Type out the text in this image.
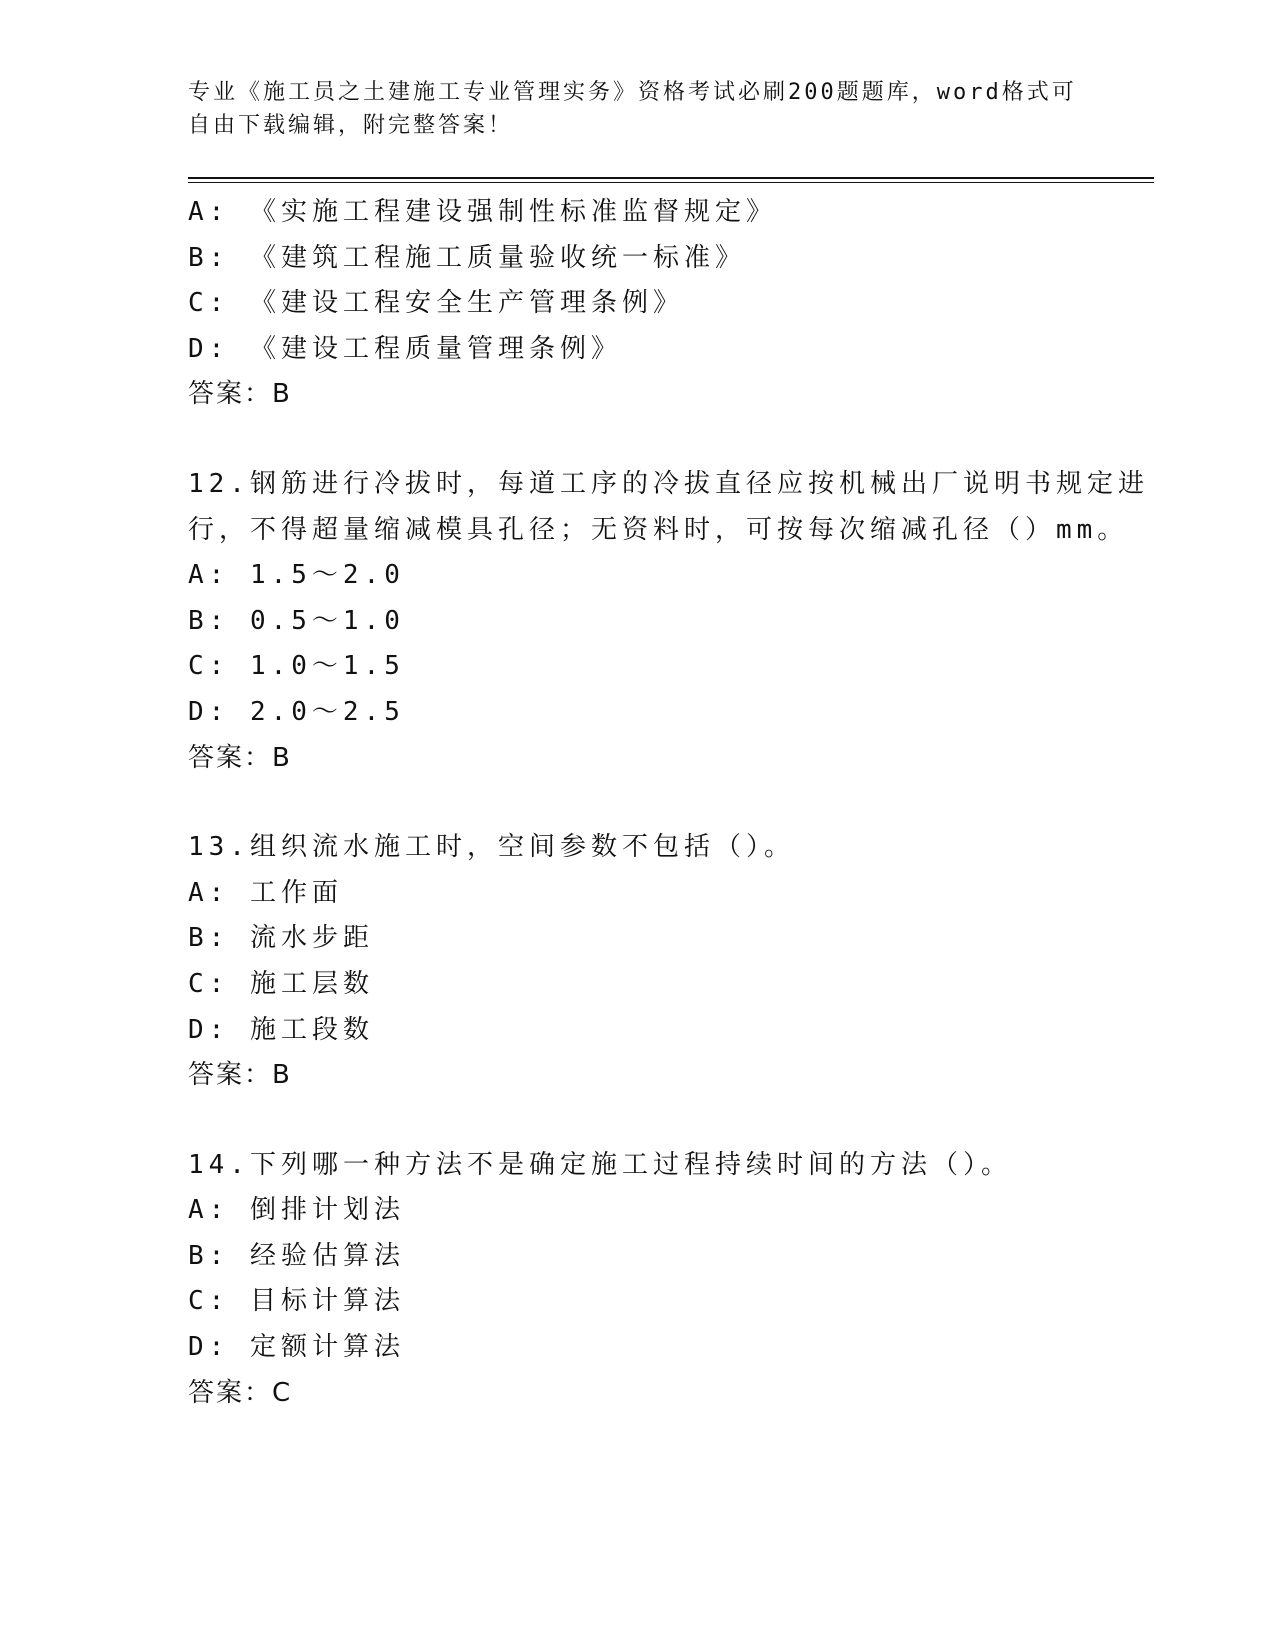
专业《施工员之土建施工专业管理实务》资格考试必刷200题题库，word格式可
自由下载编辑，附完整答案！
A: 《实施工程建设强制性标准监督规定》
B: 《建筑工程施工质量验收统一标准》
C: 《建设工程安全生产管理条例》
D: 《建设工程质量管理条例》
答案：B
12.钢筋进行冷拔时，每道工序的冷拔直径应按机械出厂说明书规定进
行，不得超量缩减模具孔径；无资料时，可按每次缩减孔径（）mm。
A: 1.5～2.0
B: 0.5～1.0
C: 1.0～1.5
D: 2.0～2.5
答案：B
13.组织流水施工时，空间参数不包括（）。
A: 工作面
B: 流水步距
C: 施工层数
D: 施工段数
答案：B
14.下列哪一种方法不是确定施工过程持续时间的方法（）。
A: 倒排计划法
B: 经验估算法
C: 目标计算法
D: 定额计算法
答案：C
